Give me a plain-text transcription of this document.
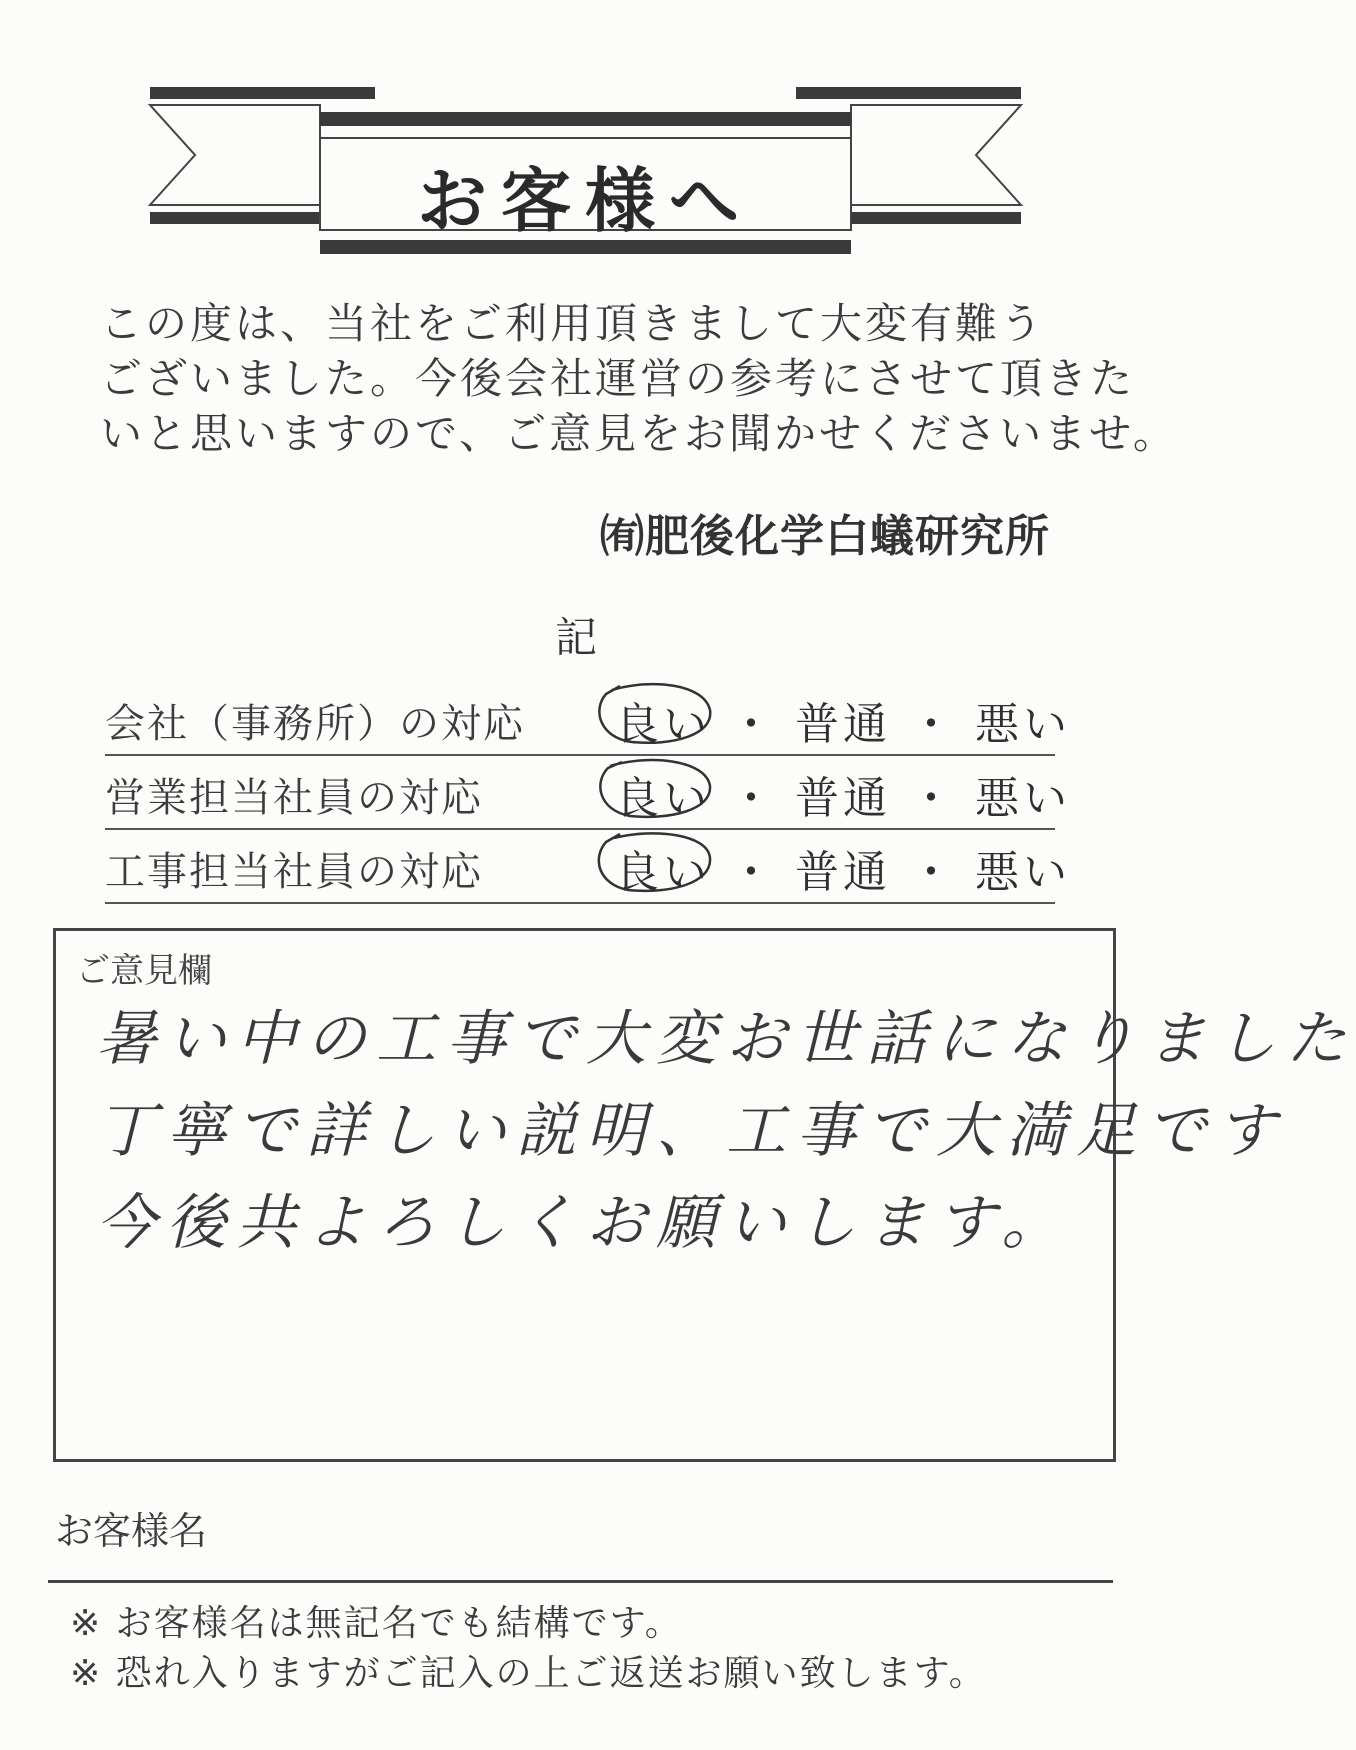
お客様へ
この度は、当社をご利用頂きまして大変有難う
ございました。今後会社運営の参考にさせて頂きた
いと思いますので、ご意見をお聞かせくださいませ。
㈲肥後化学白蟻研究所
記
会社（事務所）の対応 良い ・ 普通 ・ 悪い
営業担当社員の対応	良い ・ 普通 ・ 悪い
工事担当社員の対応	良い ・ 普通 ・ 悪い
ご意見欄
暑い中の工事で大変お世話になりました
丁寧で詳しい説明、工事で大満足です
今後共よろしくお願いします。
お客様名
※ お客様名は無記名でも結構です。
※ 恐れ入りますがご記入の上ご返送お願い致します。
